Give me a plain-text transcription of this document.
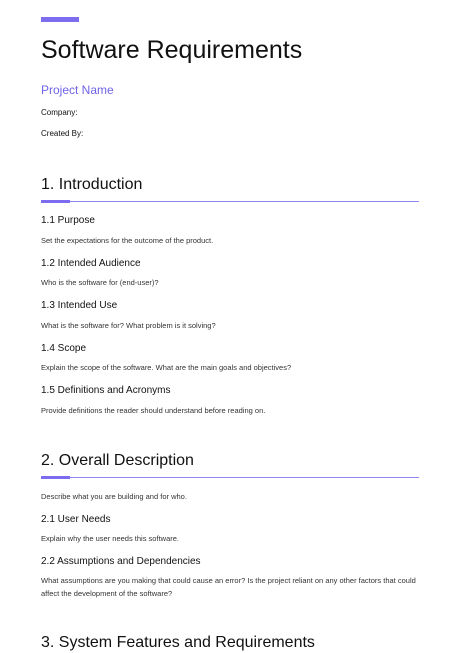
Software Requirements
Project Name
Company:
Created By:
1. Introduction
1.1 Purpose

Set the expectations for the outcome of the product.

1.2 Intended Audience

Who is the software for (end-user)?

1.3 Intended Use

What is the software for? What problem is it solving?

1.4 Scope

Explain the scope of the software. What are the main goals and objectives?

1.5 Definitions and Acronyms

Provide definitions the reader should understand before reading on.

2. Overall Description

Describe what you are building and for who.

2.1 User Needs

Explain why the user needs this software.

2.2 Assumptions and Dependencies

What assumptions are you making that could cause an error? Is the project reliant on any other factors that could affect the development of the software?

3. System Features and Requirements
